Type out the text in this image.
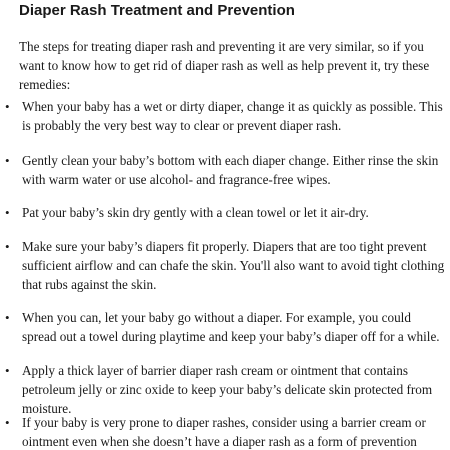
Diaper Rash Treatment and Prevention

The steps for treating diaper rash and preventing it are very similar, so if you want to know how to get rid of diaper rash as well as help prevent it, try these remedies:

• When your baby has a wet or dirty diaper, change it as quickly as possible. This is probably the very best way to clear or prevent diaper rash.

• Gently clean your baby’s bottom with each diaper change. Either rinse the skin with warm water or use alcohol- and fragrance-free wipes.

• Pat your baby’s skin dry gently with a clean towel or let it air-dry.

• Make sure your baby’s diapers fit properly. Diapers that are too tight prevent sufficient airflow and can chafe the skin. You'll also want to avoid tight clothing that rubs against the skin.

• When you can, let your baby go without a diaper. For example, you could spread out a towel during playtime and keep your baby’s diaper off for a while.

• Apply a thick layer of barrier diaper rash cream or ointment that contains petroleum jelly or zinc oxide to keep your baby’s delicate skin protected from moisture.

• If your baby is very prone to diaper rashes, consider using a barrier cream or ointment even when she doesn’t have a diaper rash as a form of prevention
